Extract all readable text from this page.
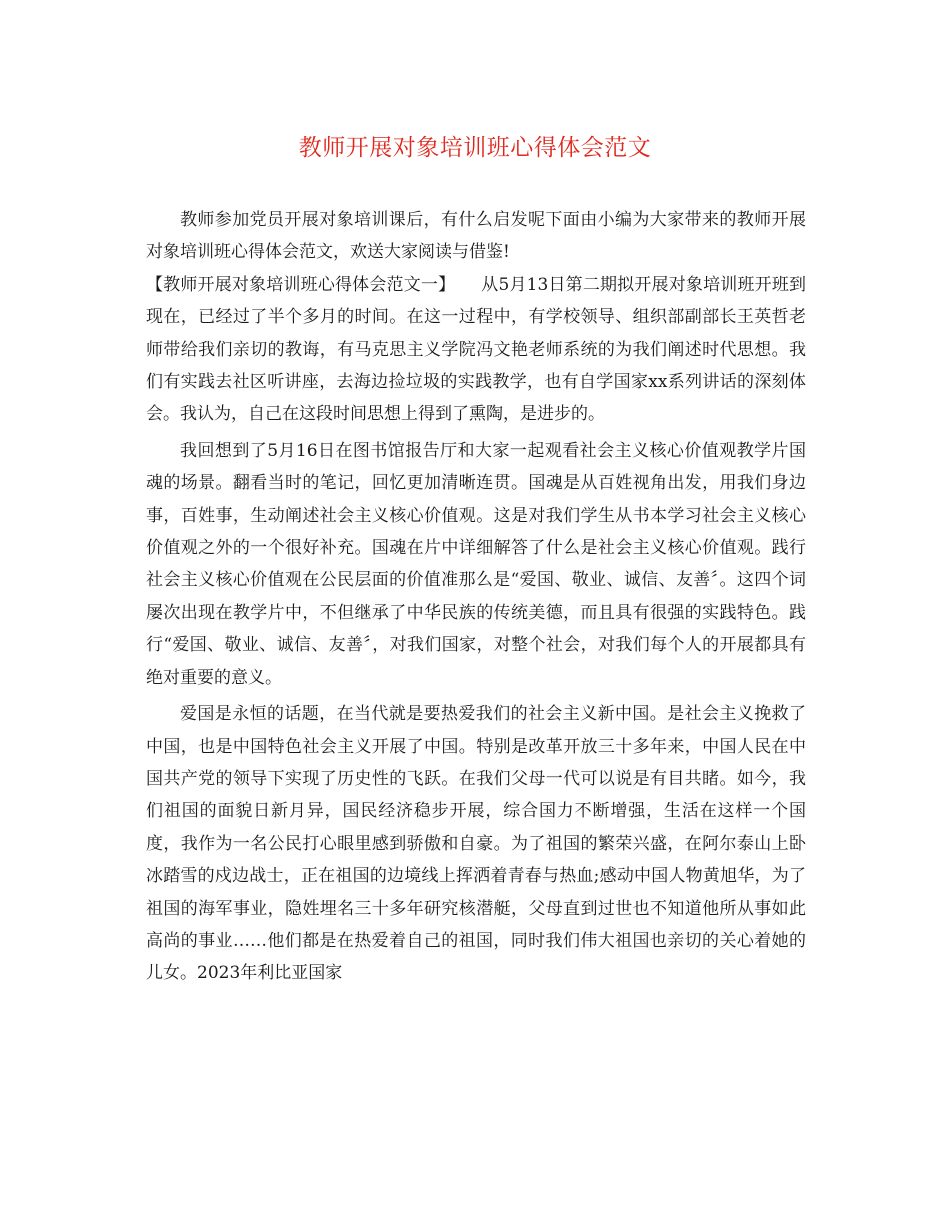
教师开展对象培训班心得体会范文

教师参加党员开展对象培训课后，有什么启发呢下面由小编为大家带来的教师开展对象培训班心得体会范文，欢送大家阅读与借鉴!

【教师开展对象培训班心得体会范文一】 从5月13日第二期拟开展对象培训班开班到现在，已经过了半个多月的时间。在这一过程中，有学校领导、组织部副部长王英哲老师带给我们亲切的教诲，有马克思主义学院冯文艳老师系统的为我们阐述时代思想。我们有实践去社区听讲座，去海边捡垃圾的实践教学，也有自学国家xx系列讲话的深刻体会。我认为，自己在这段时间思想上得到了熏陶，是进步的。

我回想到了5月16日在图书馆报告厅和大家一起观看社会主义核心价值观教学片国魂的场景。翻看当时的笔记，回忆更加清晰连贯。国魂是从百姓视角出发，用我们身边事，百姓事，生动阐述社会主义核心价值观。这是对我们学生从书本学习社会主义核心价值观之外的一个很好补充。国魂在片中详细解答了什么是社会主义核心价值观。践行社会主义核心价值观在公民层面的价值准那么是“爱国、敬业、诚信、友善〞。这四个词屡次出现在教学片中，不但继承了中华民族的传统美德，而且具有很强的实践特色。践行“爱国、敬业、诚信、友善〞，对我们国家，对整个社会，对我们每个人的开展都具有绝对重要的意义。

爱国是永恒的话题，在当代就是要热爱我们的社会主义新中国。是社会主义挽救了中国，也是中国特色社会主义开展了中国。特别是改革开放三十多年来，中国人民在中国共产党的领导下实现了历史性的飞跃。在我们父母一代可以说是有目共睹。如今，我们祖国的面貌日新月异，国民经济稳步开展，综合国力不断增强，生活在这样一个国度，我作为一名公民打心眼里感到骄傲和自豪。为了祖国的繁荣兴盛，在阿尔泰山上卧冰踏雪的戍边战士，正在祖国的边境线上挥洒着青春与热血;感动中国人物黄旭华，为了祖国的海军事业，隐姓埋名三十多年研究核潜艇，父母直到过世也不知道他所从事如此高尚的事业……他们都是在热爱着自己的祖国，同时我们伟大祖国也亲切的关心着她的儿女。2023年利比亚国家
